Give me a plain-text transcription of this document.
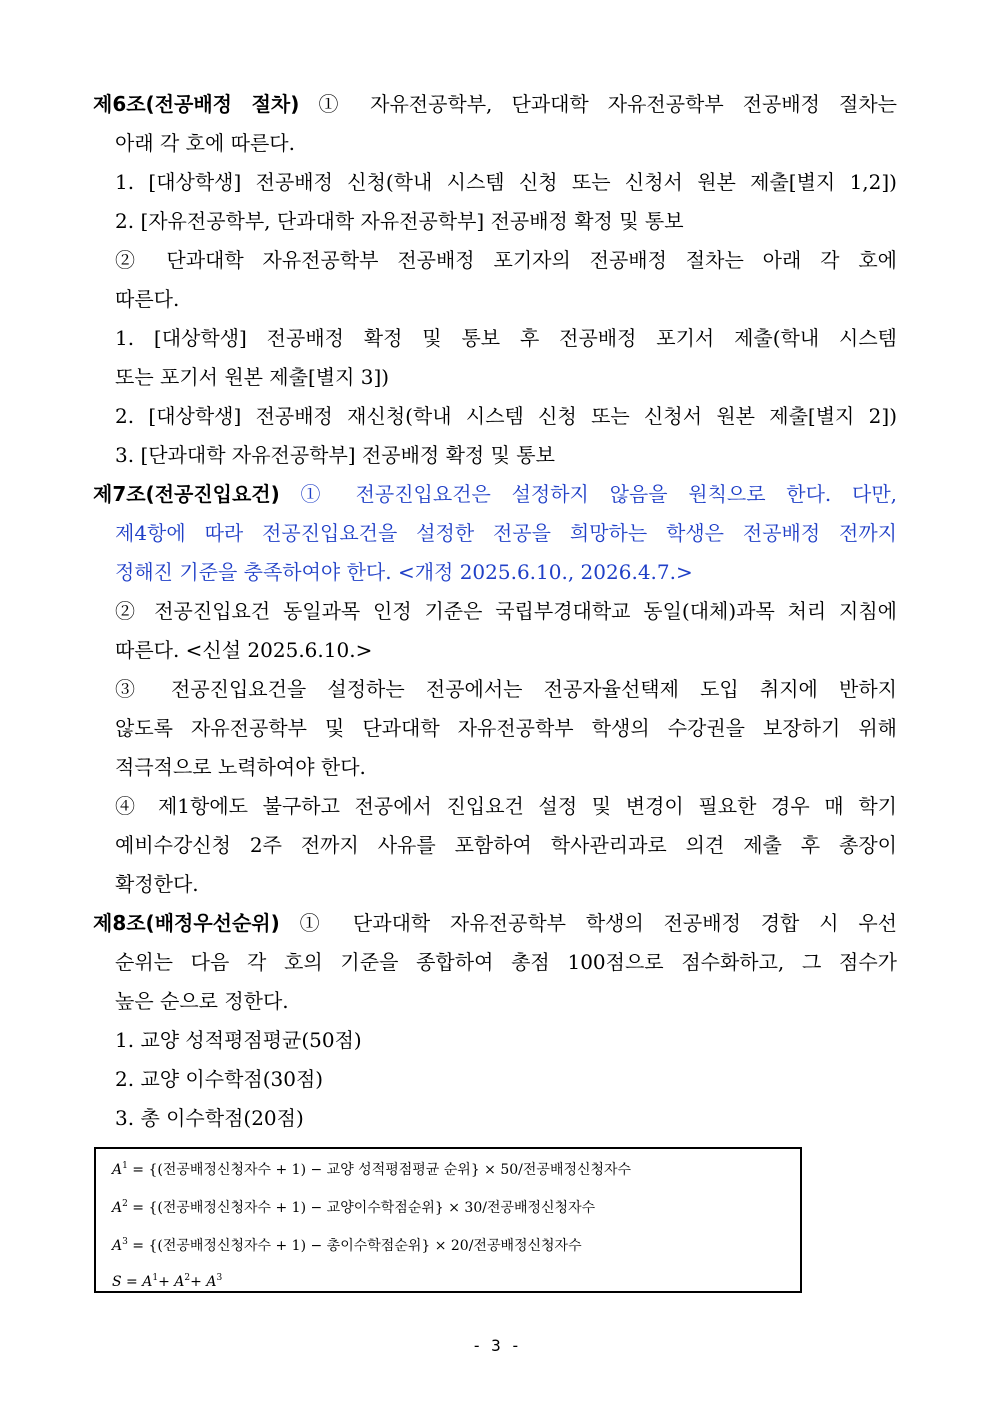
제6조(전공배정 절차) ① 자유전공학부, 단과대학 자유전공학부 전공배정 절차는
아래 각 호에 따른다.
1. [대상학생] 전공배정 신청(학내 시스템 신청 또는 신청서 원본 제출[별지 1,2])
2. [자유전공학부, 단과대학 자유전공학부] 전공배정 확정 및 통보
② 단과대학 자유전공학부 전공배정 포기자의 전공배정 절차는 아래 각 호에
따른다.
1. [대상학생] 전공배정 확정 및 통보 후 전공배정 포기서 제출(학내 시스템
또는 포기서 원본 제출[별지 3])
2. [대상학생] 전공배정 재신청(학내 시스템 신청 또는 신청서 원본 제출[별지 2])
3. [단과대학 자유전공학부] 전공배정 확정 및 통보
제7조(전공진입요건) ① 전공진입요건은 설정하지 않음을 원칙으로 한다. 다만,
제4항에 따라 전공진입요건을 설정한 전공을 희망하는 학생은 전공배정 전까지
정해진 기준을 충족하여야 한다. <개정 2025.6.10., 2026.4.7.>
② 전공진입요건 동일과목 인정 기준은 국립부경대학교 동일(대체)과목 처리 지침에
따른다. <신설 2025.6.10.>
③ 전공진입요건을 설정하는 전공에서는 전공자율선택제 도입 취지에 반하지
않도록 자유전공학부 및 단과대학 자유전공학부 학생의 수강권을 보장하기 위해
적극적으로 노력하여야 한다.
④ 제1항에도 불구하고 전공에서 진입요건 설정 및 변경이 필요한 경우 매 학기
예비수강신청 2주 전까지 사유를 포함하여 학사관리과로 의견 제출 후 총장이
확정한다.
제8조(배정우선순위) ① 단과대학 자유전공학부 학생의 전공배정 경합 시 우선
순위는 다음 각 호의 기준을 종합하여 총점 100점으로 점수화하고, 그 점수가
높은 순으로 정한다.
1. 교양 성적평점평균(50점)
2. 교양 이수학점(30점)
3. 총 이수학점(20점)
$A^1$ = {(전공배정신청자수 + 1) − 교양 성적평점평균 순위} × 50/전공배정신청자수
$A^2$ = {(전공배정신청자수 + 1) − 교양이수학점순위} × 30/전공배정신청자수
$A^3$ = {(전공배정신청자수 + 1) − 총이수학점순위} × 20/전공배정신청자수
$S = A^1+ A^2+ A^3$
- 3 -
